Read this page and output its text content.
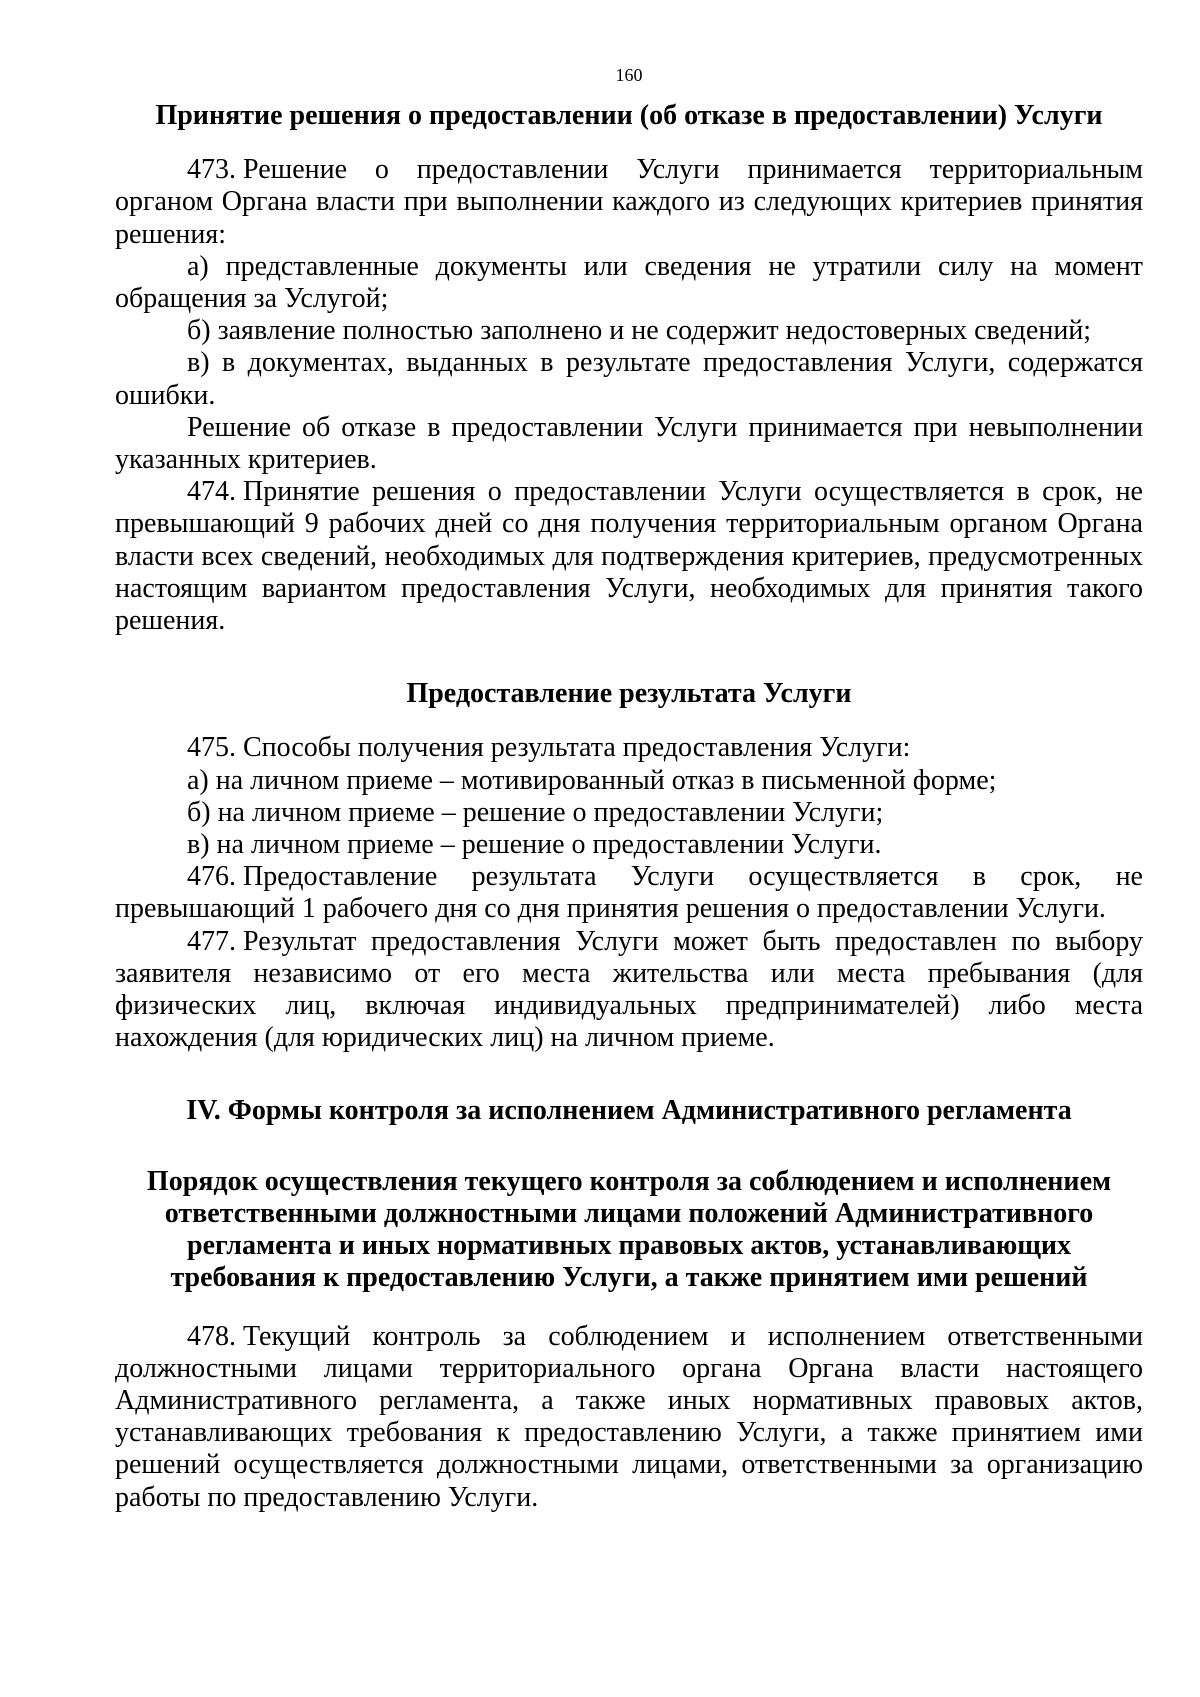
160
Принятие решения о предоставлении (об отказе в предоставлении) Услуги

473. Решение о предоставлении Услуги принимается территориальным органом Органа власти при выполнении каждого из следующих критериев принятия решения:

а) представленные документы или сведения не утратили силу на момент обращения за Услугой;

б) заявление полностью заполнено и не содержит недостоверных сведений;

в) в документах, выданных в результате предоставления Услуги, содержатся ошибки.

Решение об отказе в предоставлении Услуги принимается при невыполнении указанных критериев.

474. Принятие решения о предоставлении Услуги осуществляется в срок, не превышающий 9 рабочих дней со дня получения территориальным органом Органа власти всех сведений, необходимых для подтверждения критериев, предусмотренных настоящим вариантом предоставления Услуги, необходимых для принятия такого решения.

Предоставление результата Услуги

475. Способы получения результата предоставления Услуги:

а) на личном приеме – мотивированный отказ в письменной форме;

б) на личном приеме – решение о предоставлении Услуги;

в) на личном приеме – решение о предоставлении Услуги.

476. Предоставление результата Услуги осуществляется в срок, не превышающий 1 рабочего дня со дня принятия решения о предоставлении Услуги.

477. Результат предоставления Услуги может быть предоставлен по выбору заявителя независимо от его места жительства или места пребывания (для физических лиц, включая индивидуальных предпринимателей) либо места нахождения (для юридических лиц) на личном приеме.

IV. Формы контроля за исполнением Административного регламента
Порядок осуществления текущего контроля за соблюдением и исполнением
ответственными должностными лицами положений Административного
регламента и иных нормативных правовых актов, устанавливающих
требования к предоставлению Услуги, а также принятием ими решений

478. Текущий контроль за соблюдением и исполнением ответственными должностными лицами территориального органа Органа власти настоящего Административного регламента, а также иных нормативных правовых актов, устанавливающих требования к предоставлению Услуги, а также принятием ими решений осуществляется должностными лицами, ответственными за организацию работы по предоставлению Услуги.
